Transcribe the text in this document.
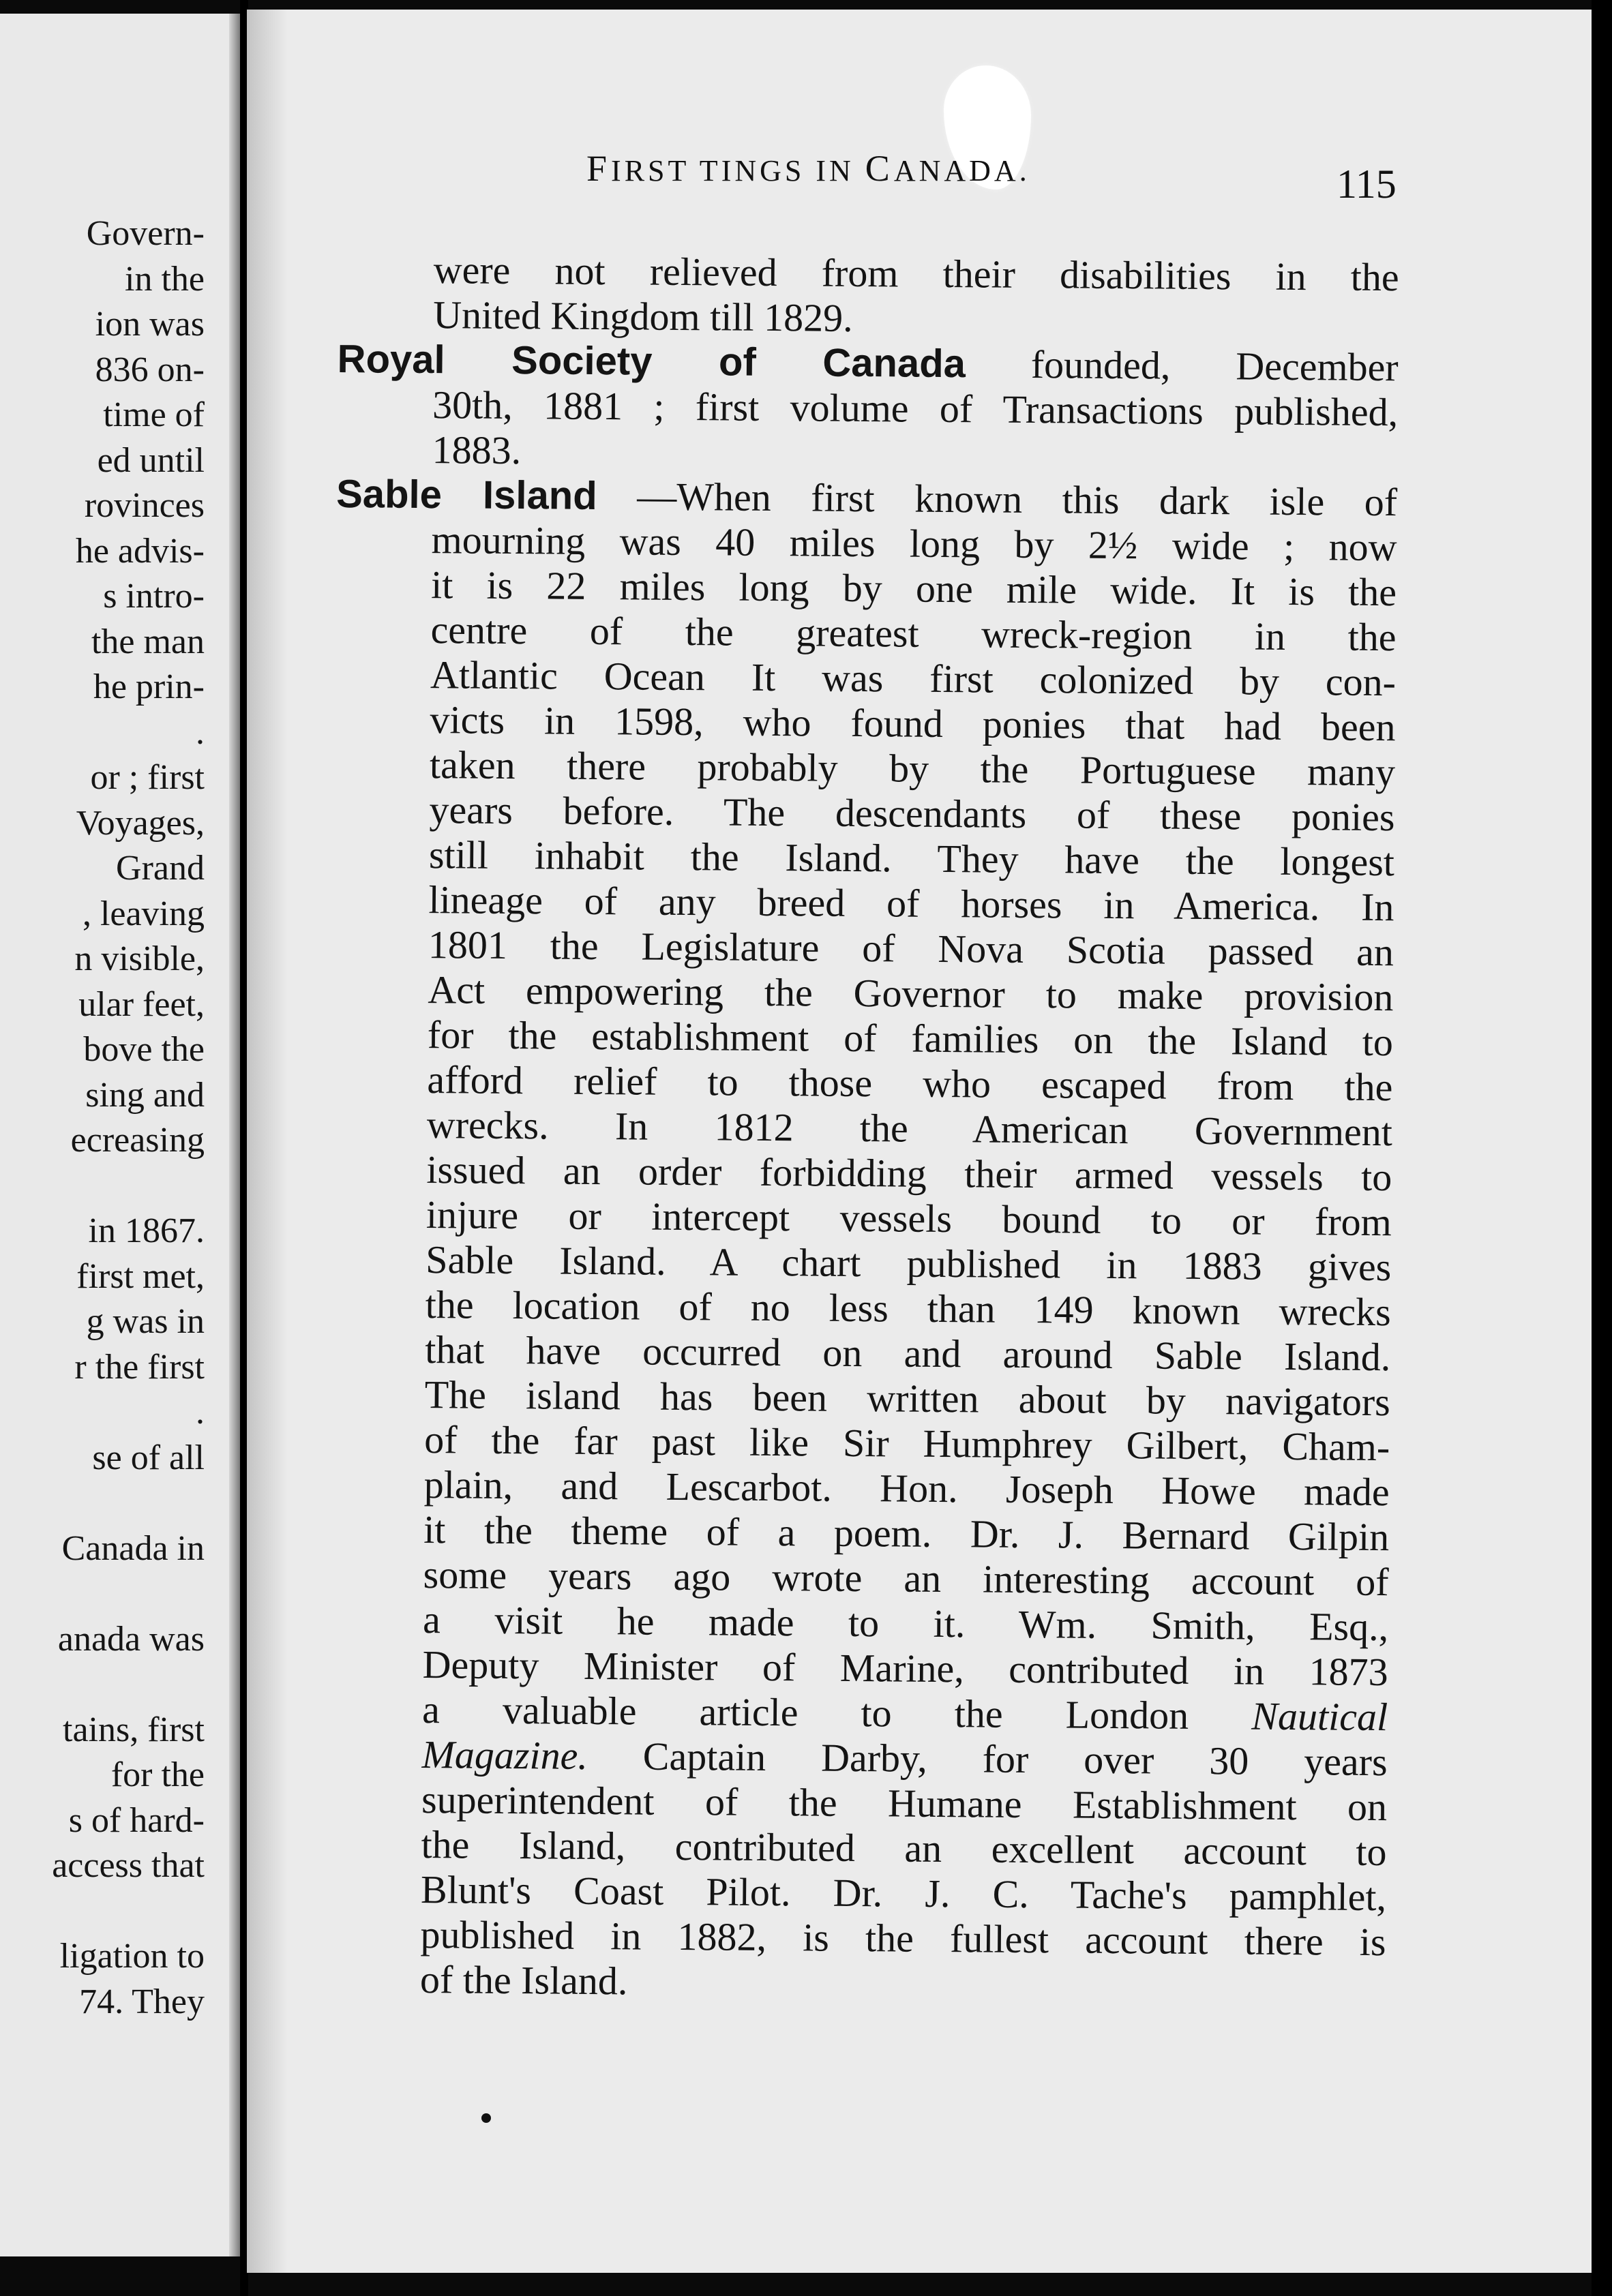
Govern-
in the
ion was
836 on-
time of
ed until
rovinces
he advis-
s intro-
the man
he prin-
.
or ; first
Voyages,
Grand
, leaving
n visible,
ular feet,
bove the
sing and
ecreasing
in 1867.
first met,
g was in
r the first
.
se of all
Canada in
anada was
tains, first
for the
s of hard-
access that
ligation to
74. They
FIRST TINGS IN CANADA.	115
were not relieved from their disabilities in the
United Kingdom till 1829.
Royal Society of Canada founded, December
30th, 1881 ; first volume of Transactions published,
1883.
Sable Island —When first known this dark isle of
mourning was 40 miles long by 2½ wide ; now
it is 22 miles long by one mile wide. It is the
centre of the greatest wreck-region in the
Atlantic Ocean It was first colonized by con-
victs in 1598, who found ponies that had been
taken there probably by the Portuguese many
years before. The descendants of these ponies
still inhabit the Island. They have the longest
lineage of any breed of horses in America. In
1801 the Legislature of Nova Scotia passed an
Act empowering the Governor to make provision
for the establishment of families on the Island to
afford relief to those who escaped from the
wrecks. In 1812 the American Government
issued an order forbidding their armed vessels to
injure or intercept vessels bound to or from
Sable Island. A chart published in 1883 gives
the location of no less than 149 known wrecks
that have occurred on and around Sable Island.
The island has been written about by navigators
of the far past like Sir Humphrey Gilbert, Cham-
plain, and Lescarbot. Hon. Joseph Howe made
it the theme of a poem. Dr. J. Bernard Gilpin
some years ago wrote an interesting account of
a visit he made to it. Wm. Smith, Esq.,
Deputy Minister of Marine, contributed in 1873
a valuable article to the London Nautical
Magazine. Captain Darby, for over 30 years
superintendent of the Humane Establishment on
the Island, contributed an excellent account to
Blunt's Coast Pilot. Dr. J. C. Tache's pamphlet,
published in 1882, is the fullest account there is
of the Island.
